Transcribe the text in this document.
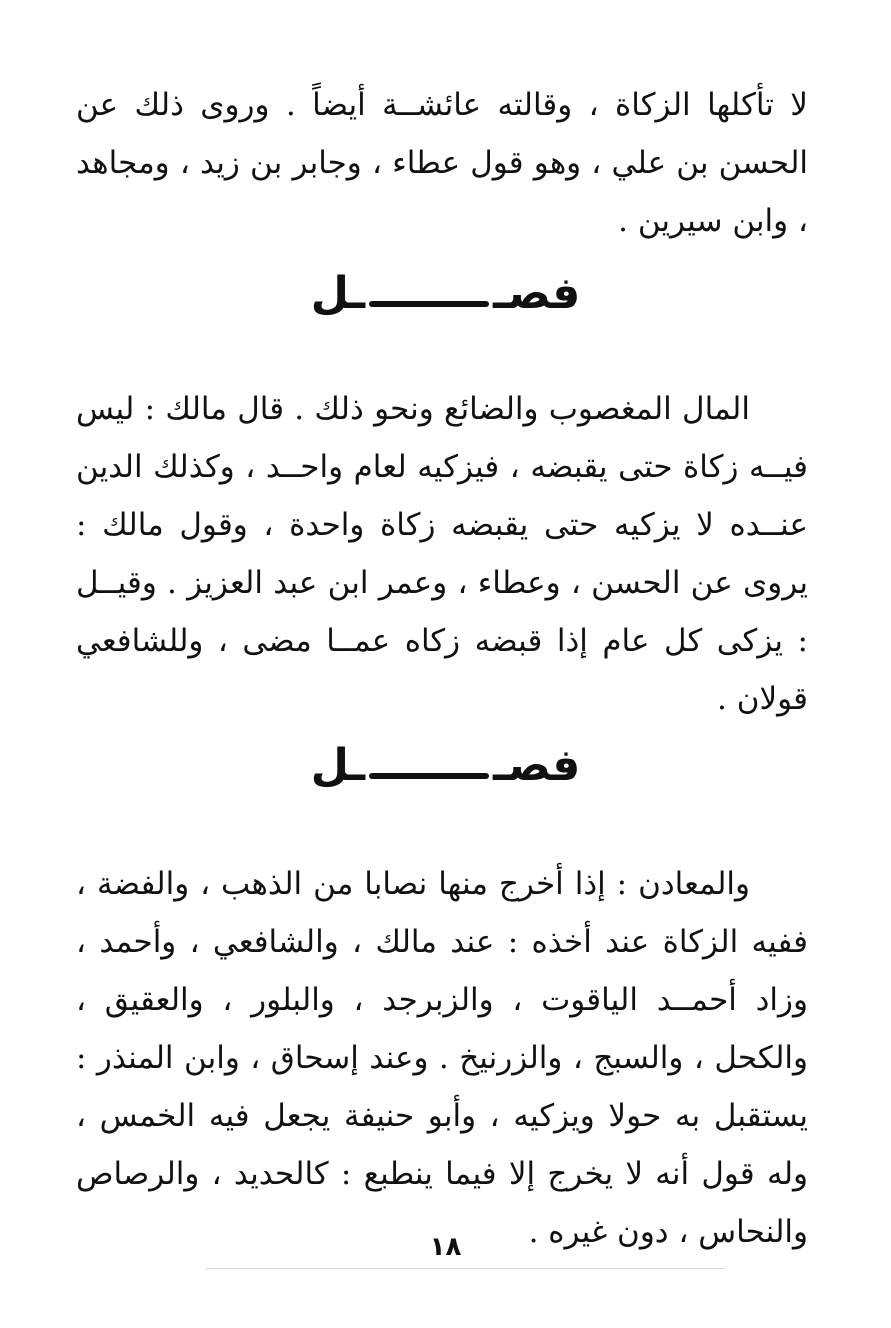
لا تأكلها الزكاة ، وقالته عائشــة أيضاً . وروى ذلك عن الحسن بن علي ، وهو قول عطاء ، وجابر بن زيد ، ومجاهد ، وابن سيرين .

فصــل

المال المغصوب والضائع ونحو ذلك . قال مالك : ليس فيــه زكاة حتى يقبضه ، فيزكيه لعام واحــد ، وكذلك الدين عنــده لا يزكيه حتى يقبضه زكاة واحدة ، وقول مالك : يروى عن الحسن ، وعطاء ، وعمر ابن عبد العزيز . وقيــل : يزكى كل عام إذا قبضه زكاه عمــا مضى ، وللشافعي قولان .

فصــل

والمعادن : إذا أخرج منها نصابا من الذهب ، والفضة ، ففيه الزكاة عند أخذه : عند مالك ، والشافعي ، وأحمد ، وزاد أحمــد الياقوت ، والزبرجد ، والبلور ، والعقيق ، والكحل ، والسبج ، والزرنيخ . وعند إسحاق ، وابن المنذر : يستقبل به حولا ويزكيه ، وأبو حنيفة يجعل فيه الخمس ، وله قول أنه لا يخرج إلا فيما ينطبع : كالحديد ، والرصاص والنحاس ، دون غيره .

١٨
